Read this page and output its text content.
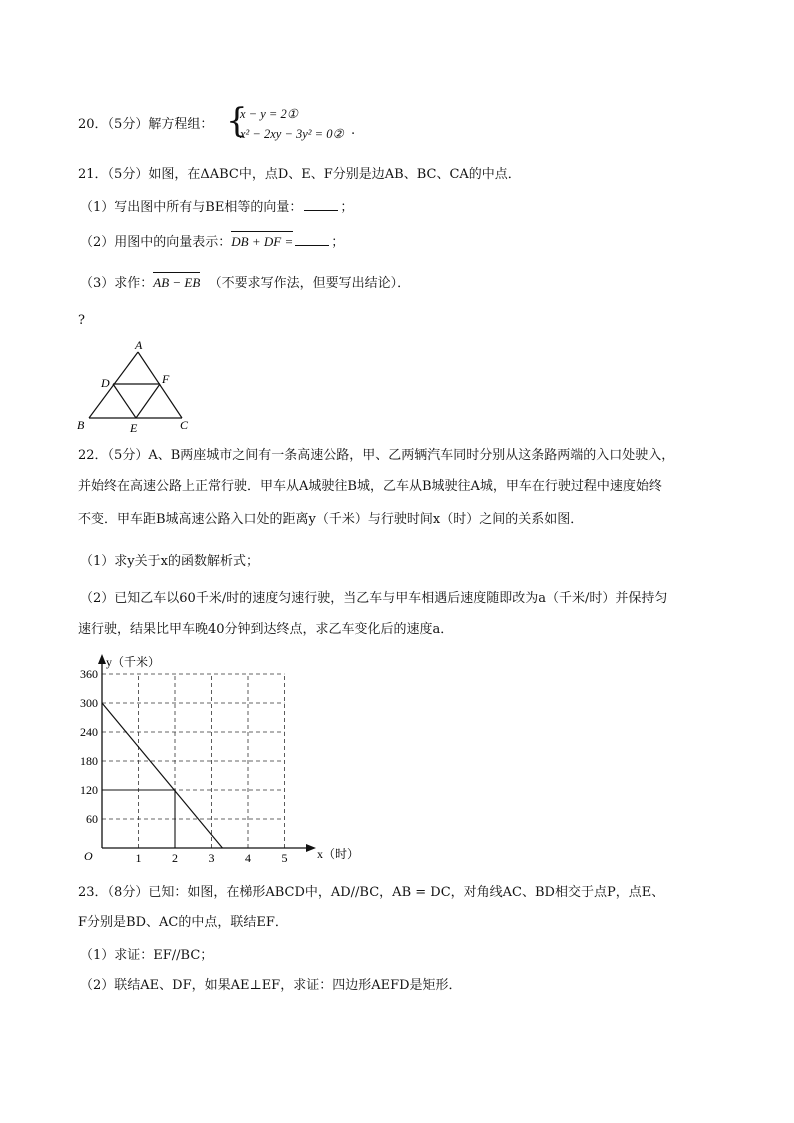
20．（5分）解方程组： {
x − y = 2①
x² − 2xy − 3y² = 0② .
21．（5分）如图，在ΔABC中，点D、E、F分别是边AB、BC、CA的中点．
（1）写出图中所有与BE相等的向量：	；
（2）用图中的向量表示：DB + DF =	；
（3）求作：AB − EB （不要求写作法，但要写出结论）．
?
A
D	F
B	E	C
22．（5分）A、B两座城市之间有一条高速公路，甲、乙两辆汽车同时分别从这条路两端的入口处驶入，
并始终在高速公路上正常行驶．甲车从A城驶往B城，乙车从B城驶往A城，甲车在行驶过程中速度始终
不变．甲车距B城高速公路入口处的距离y（千米）与行驶时间x（时）之间的关系如图．
（1）求y关于x的函数解析式；
（2）已知乙车以60千米/时的速度匀速行驶，当乙车与甲车相遇后速度随即改为a（千米/时）并保持匀
速行驶，结果比甲车晚40分钟到达终点，求乙车变化后的速度a．
60
120
180
240
300
360
1	2	3	4	5
y（千米）
x（时）
O
23．（8分）已知：如图，在梯形ABCD中，AD//BC，AB = DC，对角线AC、BD相交于点P，点E、
F分别是BD、AC的中点，联结EF．
（1）求证：EF//BC；
（2）联结AE、DF，如果AE⊥EF，求证：四边形AEFD是矩形．
